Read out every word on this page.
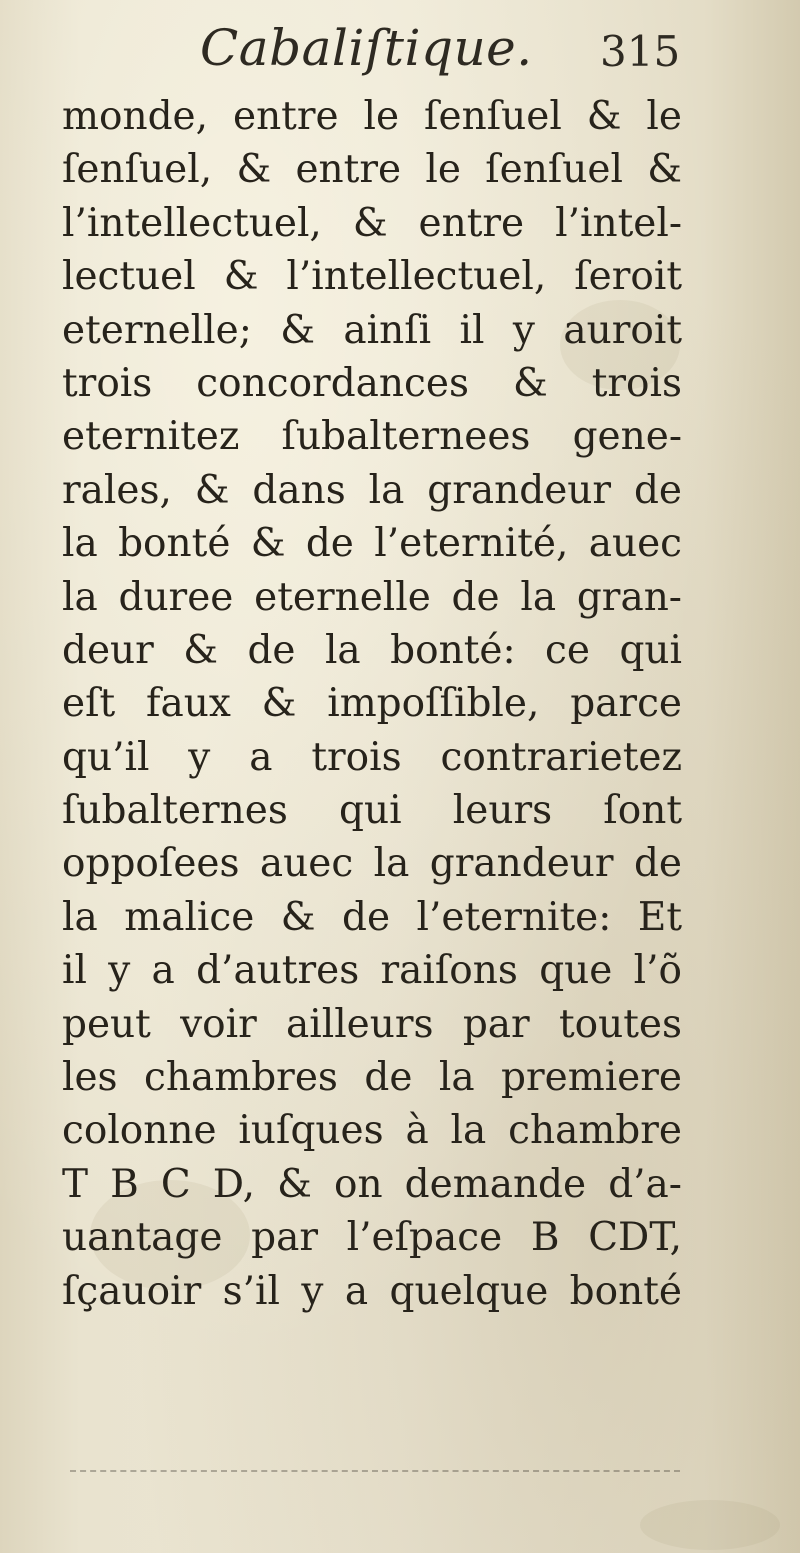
Cabaliſtique. 315
monde, entre le ſenſuel & le
ſenſuel, & entre le ſenſuel &
l’intellectuel, & entre l’intel-
lectuel & l’intellectuel, ſeroit
eternelle; & ainſi il y auroit
trois concordances & trois
eternitez ſubalternees gene-
rales, & dans la grandeur de
la bonté & de l’eternité, auec
la duree eternelle de la gran-
deur & de la bonté: ce qui
eſt faux & impoſſible, parce
qu’il y a trois contrarietez
ſubalternes qui leurs ſont
oppoſees auec la grandeur de
la malice & de l’eternite: Et
il y a d’autres raiſons que l’õ
peut voir ailleurs par toutes
les chambres de la premiere
colonne iuſques à la chambre
T B C D, & on demande d’a-
uantage par l’eſpace B CDT,
ſçauoir s’il y a quelque bonté
